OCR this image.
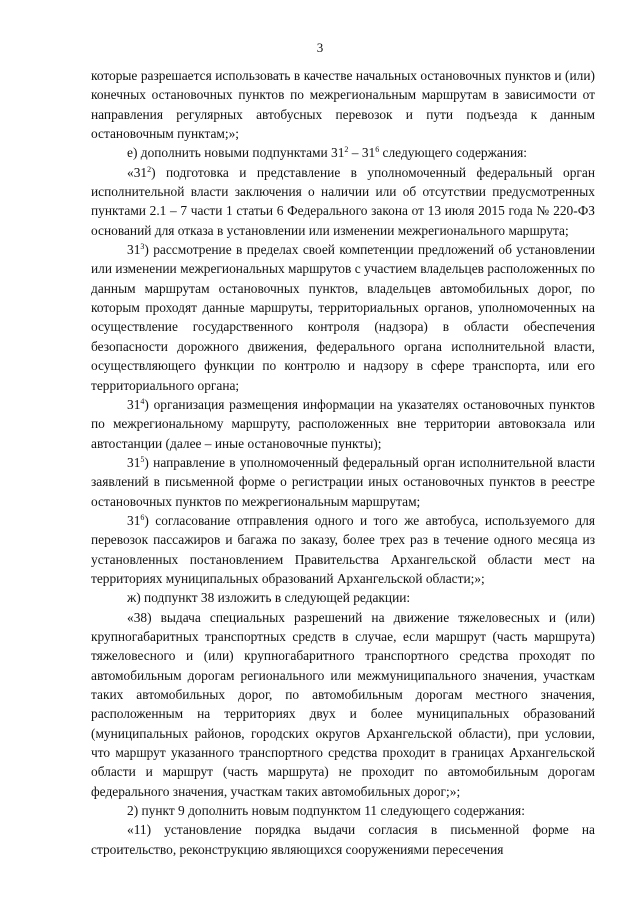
3

которые разрешается использовать в качестве начальных остановочных пунктов и (или) конечных остановочных пунктов по межрегиональным маршрутам в зависимости от направления регулярных автобусных перевозок и пути подъезда к данным остановочным пунктам;»;

е) дополнить новыми подпунктами $31^2 - 31^6$ следующего содержания:

«$31^2$) подготовка и представление в уполномоченный федеральный орган исполнительной власти заключения о наличии или об отсутствии предусмотренных пунктами 2.1 – 7 части 1 статьи 6 Федерального закона от 13 июля 2015 года № 220-ФЗ оснований для отказа в установлении или изменении межрегионального маршрута;

$31^3$) рассмотрение в пределах своей компетенции предложений об установлении или изменении межрегиональных маршрутов с участием владельцев расположенных по данным маршрутам остановочных пунктов, владельцев автомобильных дорог, по которым проходят данные маршруты, территориальных органов, уполномоченных на осуществление государственного контроля (надзора) в области обеспечения безопасности дорожного движения, федерального органа исполнительной власти, осуществляющего функции по контролю и надзору в сфере транспорта, или его территориального органа;

$31^4$) организация размещения информации на указателях остановочных пунктов по межрегиональному маршруту, расположенных вне территории автовокзала или автостанции (далее – иные остановочные пункты);

$31^5$) направление в уполномоченный федеральный орган исполнительной власти заявлений в письменной форме о регистрации иных остановочных пунктов в реестре остановочных пунктов по межрегиональным маршрутам;

$31^6$) согласование отправления одного и того же автобуса, используемого для перевозок пассажиров и багажа по заказу, более трех раз в течение одного месяца из установленных постановлением Правительства Архангельской области мест на территориях муниципальных образований Архангельской области;»;

ж) подпункт 38 изложить в следующей редакции:

«38) выдача специальных разрешений на движение тяжеловесных и (или) крупногабаритных транспортных средств в случае, если маршрут (часть маршрута) тяжеловесного и (или) крупногабаритного транспортного средства проходят по автомобильным дорогам регионального или межмуниципального значения, участкам таких автомобильных дорог, по автомобильным дорогам местного значения, расположенным на территориях двух и более муниципальных образований (муниципальных районов, городских округов Архангельской области), при условии, что маршрут указанного транспортного средства проходит в границах Архангельской области и маршрут (часть маршрута) не проходит по автомобильным дорогам федерального значения, участкам таких автомобильных дорог;»;

2) пункт 9 дополнить новым подпунктом 11 следующего содержания:

«11) установление порядка выдачи согласия в письменной форме на строительство, реконструкцию являющихся сооружениями пересечения
